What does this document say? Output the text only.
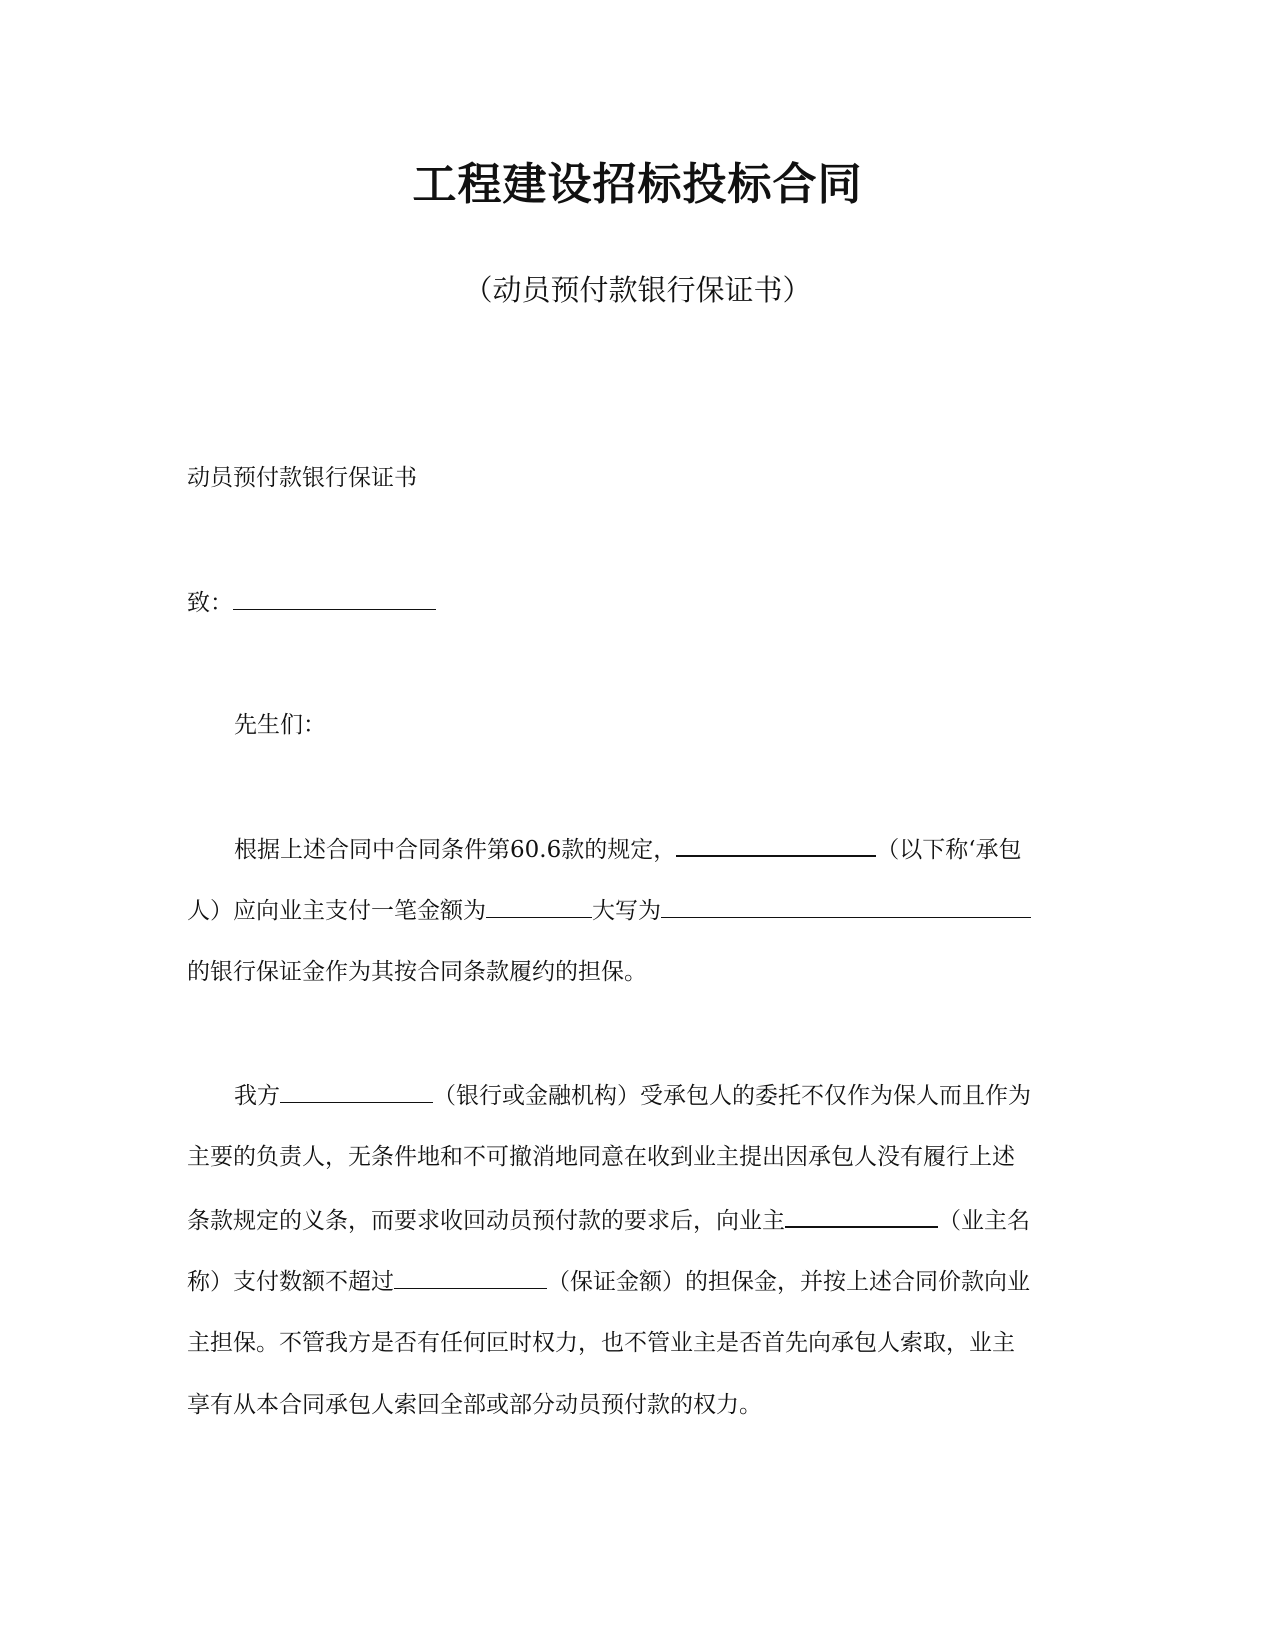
工程建设招标投标合同

（动员预付款银行保证书）

动员预付款银行保证书
致：
先生们：
根据上述合同中合同条件第60.6款的规定，	（以下称‘承包
人）应向业主支付一笔金额为	大写为
的银行保证金作为其按合同条款履约的担保。
我方	（银行或金融机构）受承包人的委托不仅作为保人而且作为
主要的负责人，无条件地和不可撤消地同意在收到业主提出因承包人没有履行上述
条款规定的义条，而要求收回动员预付款的要求后，向业主	（业主名
称）支付数额不超过	（保证金额）的担保金，并按上述合同价款向业
主担保。不管我方是否有任何叵时权力，也不管业主是否首先向承包人索取，业主
享有从本合同承包人索回全部或部分动员预付款的权力。
